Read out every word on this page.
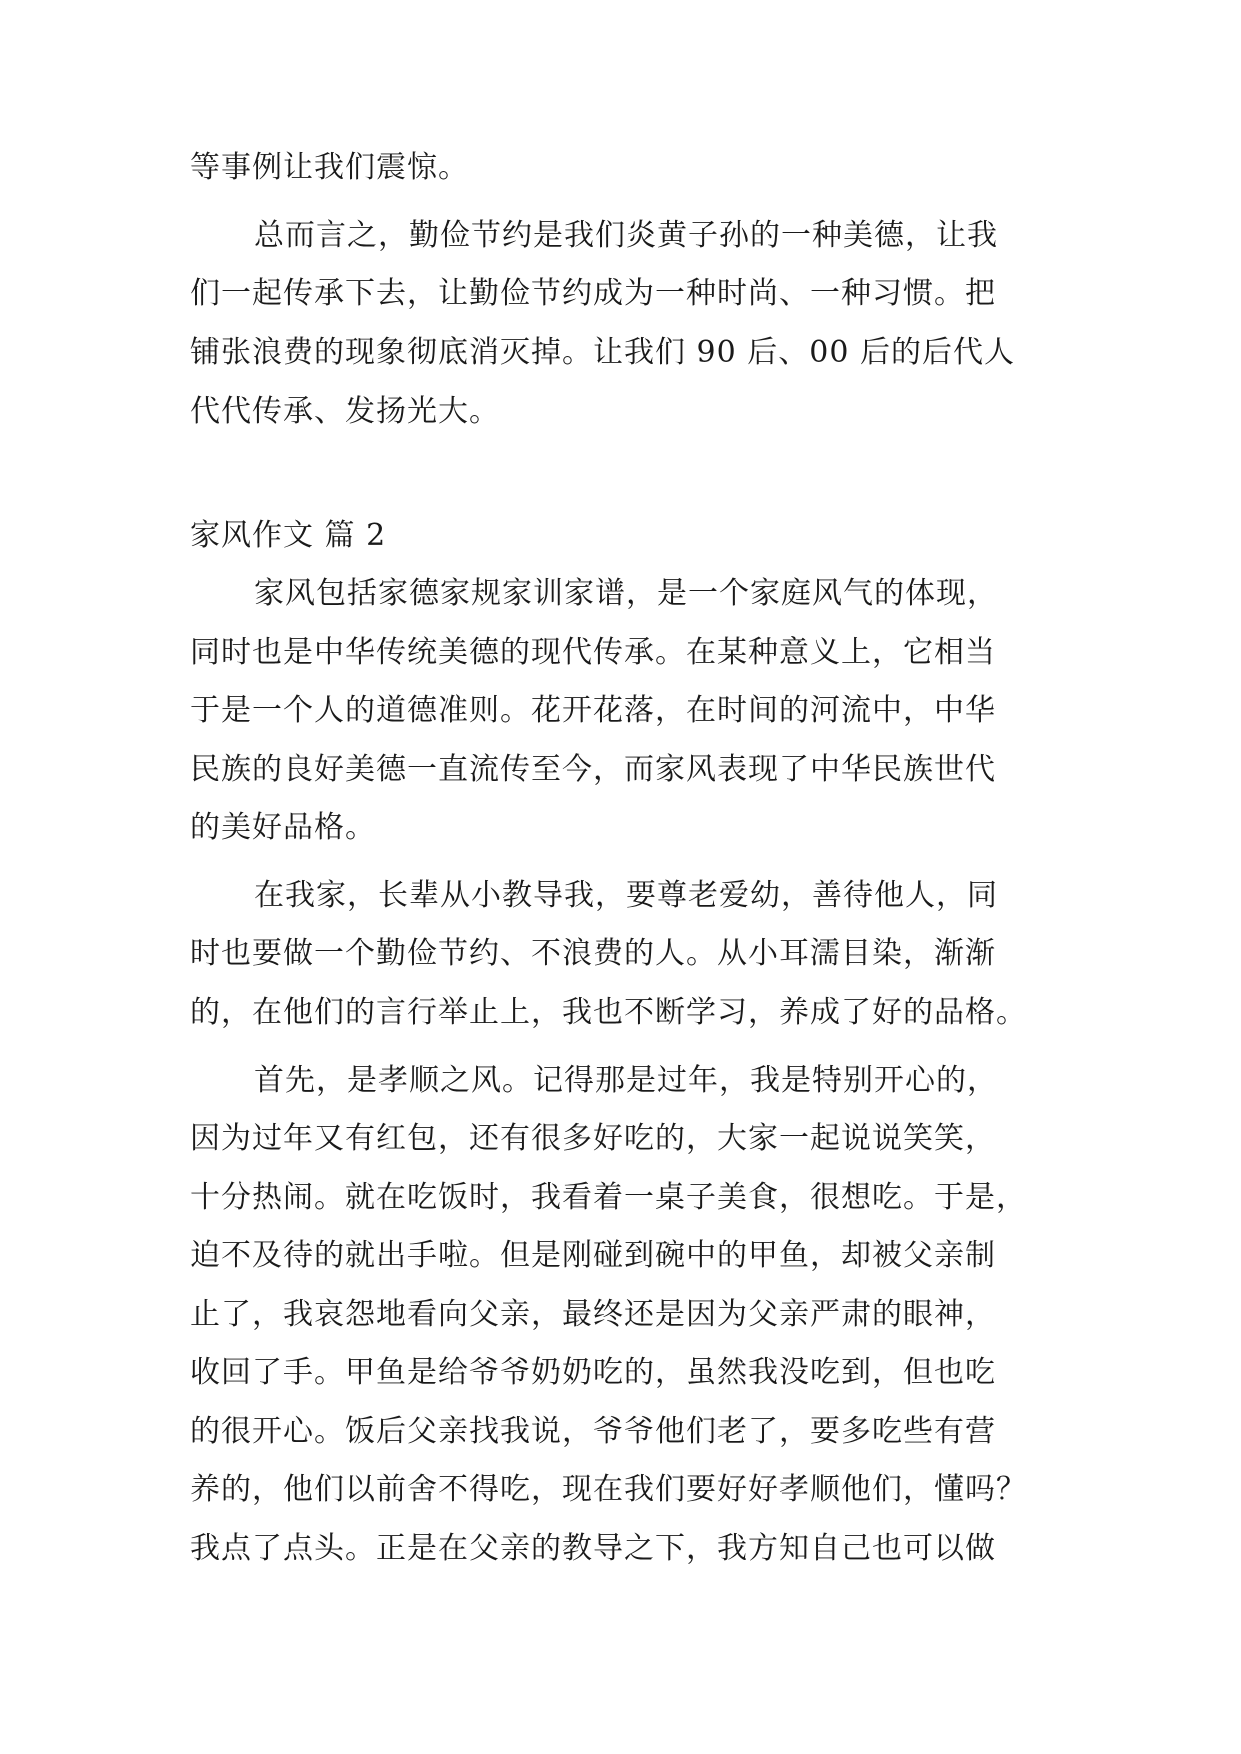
等事例让我们震惊。
总而言之，勤俭节约是我们炎黄子孙的一种美德，让我
们一起传承下去，让勤俭节约成为一种时尚、一种习惯。把
铺张浪费的现象彻底消灭掉。让我们 90 后、00 后的后代人
代代传承、发扬光大。
家风作文 篇 2
家风包括家德家规家训家谱，是一个家庭风气的体现，
同时也是中华传统美德的现代传承。在某种意义上，它相当
于是一个人的道德准则。花开花落，在时间的河流中，中华
民族的良好美德一直流传至今，而家风表现了中华民族世代
的美好品格。
在我家，长辈从小教导我，要尊老爱幼，善待他人，同
时也要做一个勤俭节约、不浪费的人。从小耳濡目染，渐渐
的，在他们的言行举止上，我也不断学习，养成了好的品格。
首先，是孝顺之风。记得那是过年，我是特别开心的，
因为过年又有红包，还有很多好吃的，大家一起说说笑笑，
十分热闹。就在吃饭时，我看着一桌子美食，很想吃。于是，
迫不及待的就出手啦。但是刚碰到碗中的甲鱼，却被父亲制
止了，我哀怨地看向父亲，最终还是因为父亲严肃的眼神，
收回了手。甲鱼是给爷爷奶奶吃的，虽然我没吃到，但也吃
的很开心。饭后父亲找我说，爷爷他们老了，要多吃些有营
养的，他们以前舍不得吃，现在我们要好好孝顺他们，懂吗？
我点了点头。正是在父亲的教导之下，我方知自己也可以做
